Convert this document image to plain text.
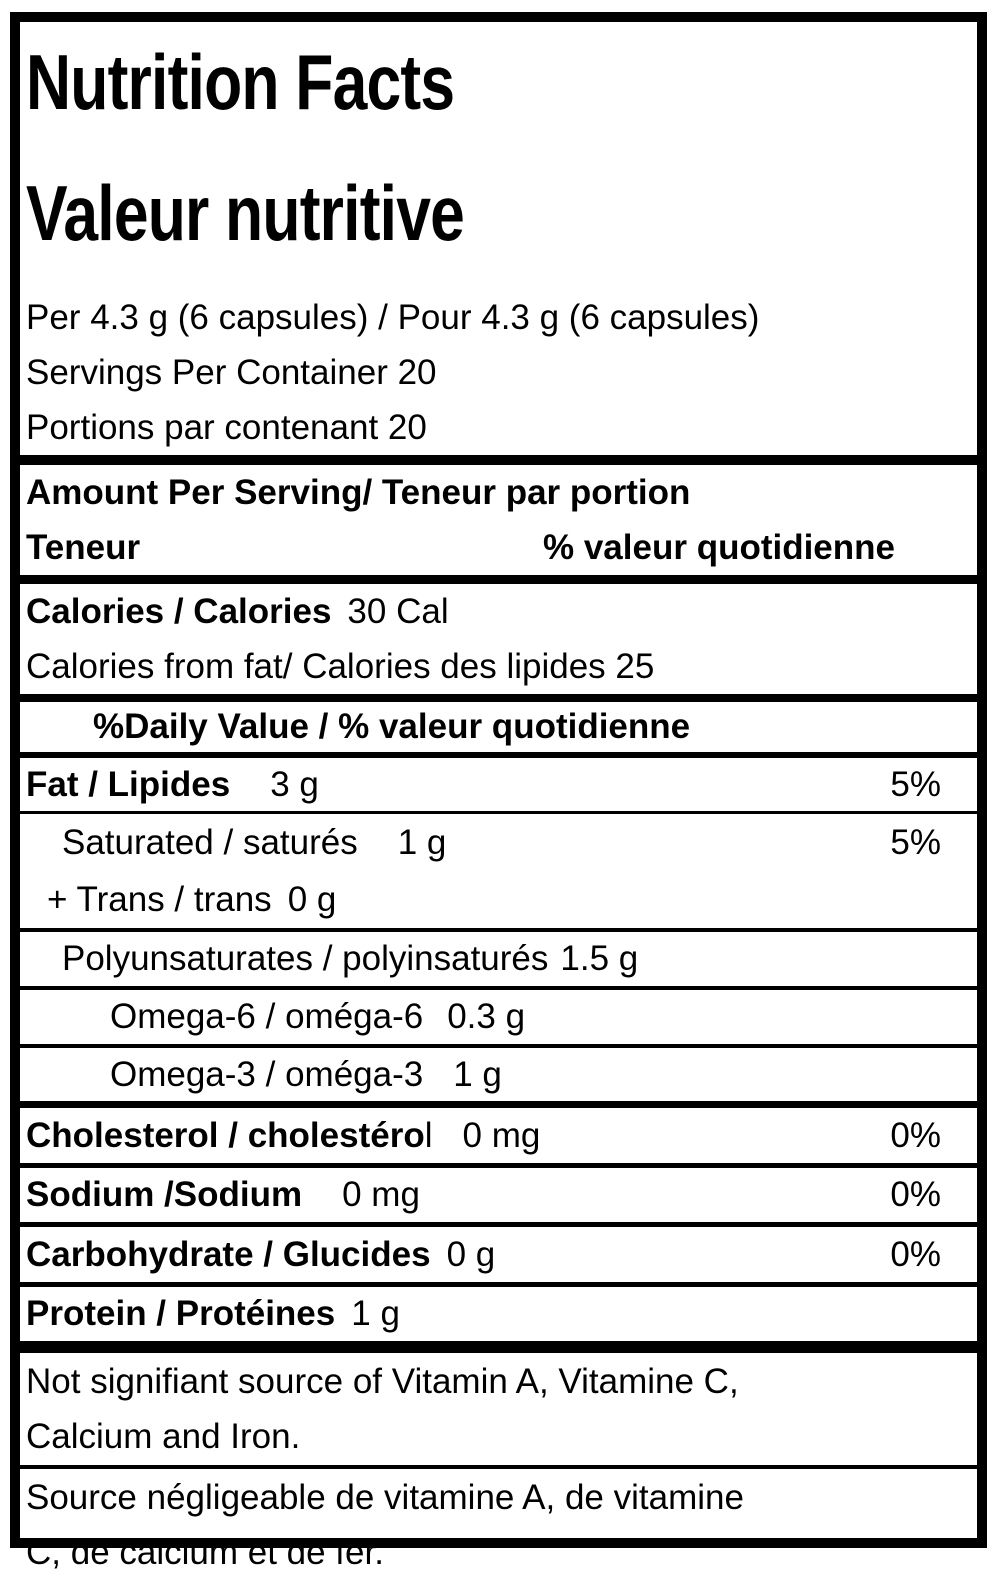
Nutrition Facts
Valeur nutritive
Per 4.3 g (6 capsules) / Pour 4.3 g (6 capsules)
Servings Per Container 20
Portions par contenant 20
Amount Per Serving/ Teneur par portion
Teneur	% valeur quotidienne
Calories / Calories 30 Cal
Calories from fat/ Calories des lipides 25
%Daily Value / % valeur quotidienne
Fat / Lipides 3 g	5%
Saturated / saturés 1 g	5%
+ Trans / trans 0 g
Polyunsaturates / polyinsaturés 1.5 g
Omega-6 / oméga-6 0.3 g
Omega-3 / oméga-3 1 g
Cholesterol / cholestéro l 0 mg	0%
Sodium /Sodium 0 mg	0%
Carbohydrate / Glucides 0 g	0%
Protein / Protéines 1 g
Not signifiant source of Vitamin A, Vitamine C,
Calcium and Iron.
Source négligeable de vitamine A, de vitamine
C, de calcium et de fer.
